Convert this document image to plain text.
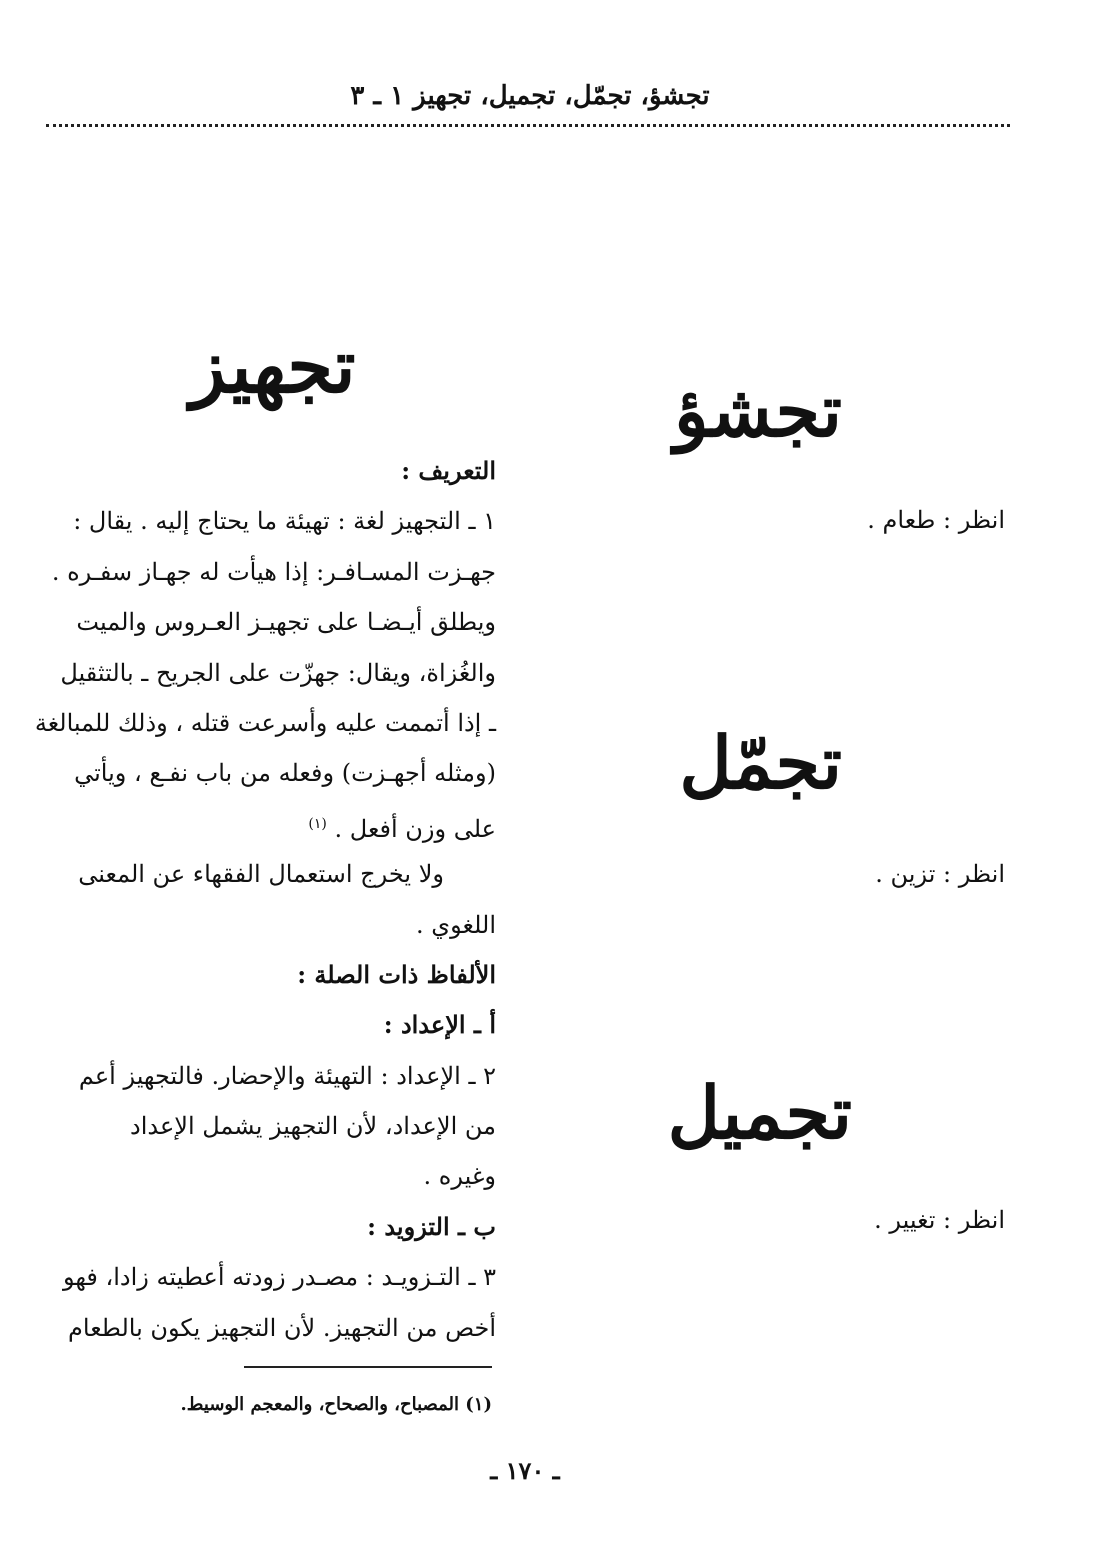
تجشؤ، تجمّل، تجميل، تجهيز ١ ـ ٣
تجشؤ
انظر : طعام .
تجمّل
انظر : تزين .
تجميل
انظر : تغيير .
تجهيز
التعريف :
١ ـ التجهيز لغة : تهيئة ما يحتاج إليه . يقال :
جهـزت المسـافـر: إذا هيأت له جهـاز سفـره .
ويطلق أيـضـا على تجهيـز العـروس والميت
والغُزاة، ويقال: جهزّت على الجريح ـ بالتثقيل
ـ إذا أتممت عليه وأسرعت قتله ، وذلك للمبالغة
(ومثله أجهـزت) وفعله من باب نفـع ، ويأتي
على وزن أفعل . $^{(١)}$
ولا يخرج استعمال الفقهاء عن المعنى
اللغوي .
الألفاظ ذات الصلة :
أ ـ الإعداد :
٢ ـ الإعداد : التهيئة والإحضار. فالتجهيز أعم
من الإعداد، لأن التجهيز يشمل الإعداد
وغيره .
ب ـ التزويد :
٣ ـ التـزويـد : مصـدر زودته أعطيته زادا، فهو
أخص من التجهيز. لأن التجهيز يكون بالطعام
(١) المصباح، والصحاح، والمعجم الوسيط.
ـ ١٧٠ ـ
